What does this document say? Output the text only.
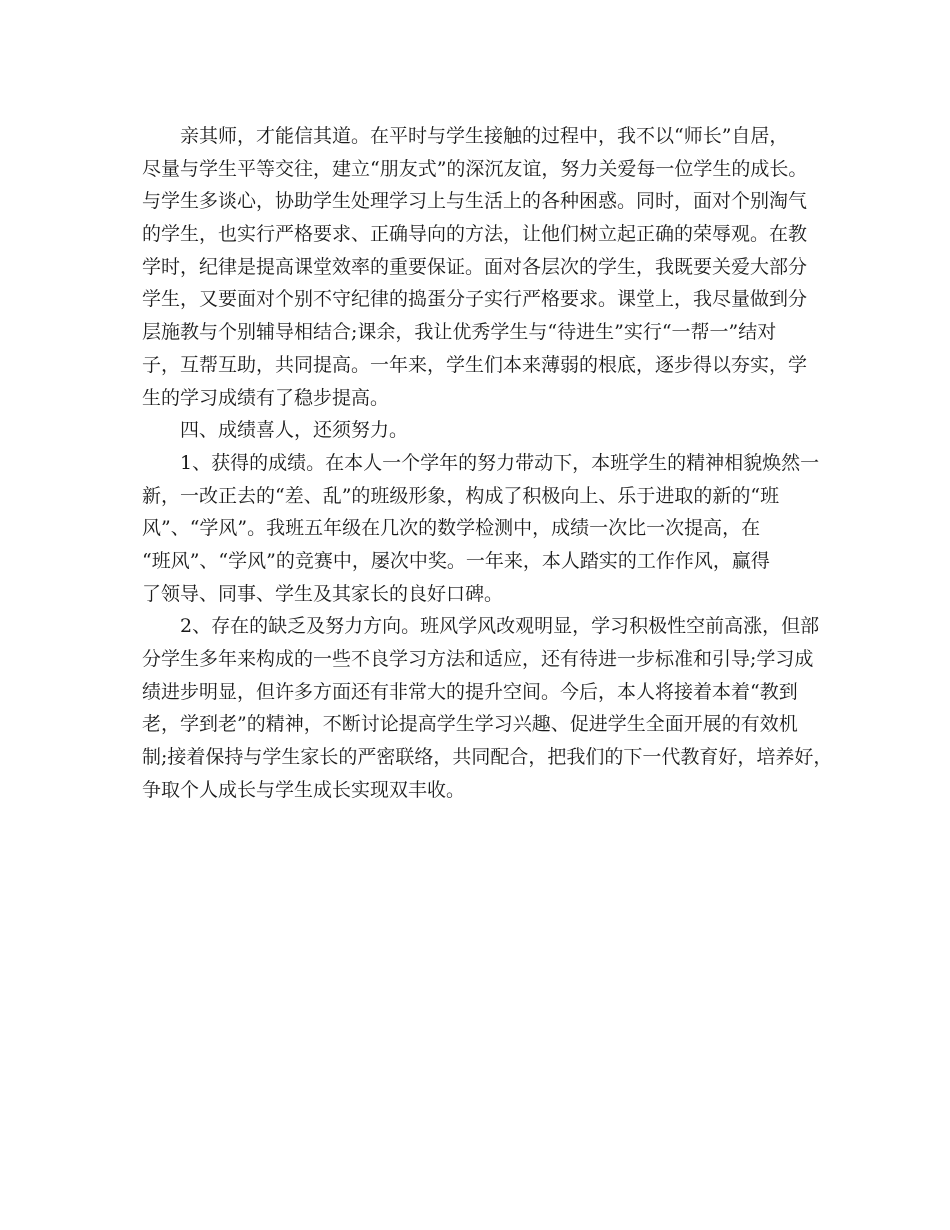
亲其师，才能信其道。在平时与学生接触的过程中，我不以“师长”自居，
尽量与学生平等交往，建立“朋友式”的深沉友谊，努力关爱每一位学生的成长。
与学生多谈心，协助学生处理学习上与生活上的各种困惑。同时，面对个别淘气
的学生，也实行严格要求、正确导向的方法，让他们树立起正确的荣辱观。在教
学时，纪律是提高课堂效率的重要保证。面对各层次的学生，我既要关爱大部分
学生，又要面对个别不守纪律的捣蛋分子实行严格要求。课堂上，我尽量做到分
层施教与个别辅导相结合;课余，我让优秀学生与“待进生”实行“一帮一”结对
子，互帮互助，共同提高。一年来，学生们本来薄弱的根底，逐步得以夯实，学
生的学习成绩有了稳步提高。
四、成绩喜人，还须努力。
1、获得的成绩。在本人一个学年的努力带动下，本班学生的精神相貌焕然一
新，一改正去的“差、乱”的班级形象，构成了积极向上、乐于进取的新的“班
风”、“学风”。我班五年级在几次的数学检测中，成绩一次比一次提高，在
“班风”、“学风”的竞赛中，屡次中奖。一年来，本人踏实的工作作风，赢得
了领导、同事、学生及其家长的良好口碑。
2、存在的缺乏及努力方向。班风学风改观明显，学习积极性空前高涨，但部
分学生多年来构成的一些不良学习方法和适应，还有待进一步标准和引导;学习成
绩进步明显，但许多方面还有非常大的提升空间。今后，本人将接着本着“教到
老，学到老”的精神，不断讨论提高学生学习兴趣、促进学生全面开展的有效机
制;接着保持与学生家长的严密联络，共同配合，把我们的下一代教育好，培养好，
争取个人成长与学生成长实现双丰收。
